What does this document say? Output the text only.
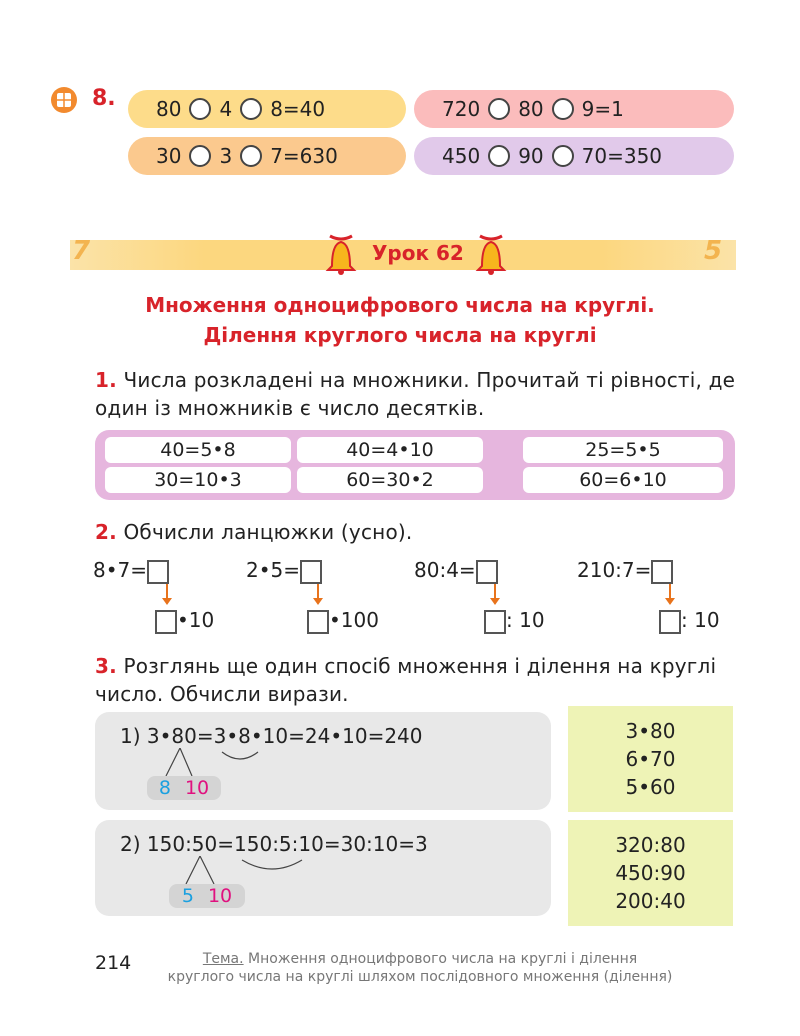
8. 80 4 8=40	720 80 9=1
30 3 7=630	450 90 70=350
7	Урок 62	5
Множення одноцифрового числа на круглі.
Ділення круглого числа на круглі
1. Числа розкладені на множники. Прочитай ті рівності, де
один із множників є число десятків.
40=5•8	40=4•10	25=5•5
30=10•3	60=30•2	60=6•10
2. Обчисли ланцюжки (усно).
8•7=
•10
2•5=
•100
80:4=
: 10
210:7=
: 10
3. Розглянь ще один спосіб множення і ділення на круглі
число. Обчисли вирази.
1) 3•80=3•8•10=24•10=240
8 10
2) 150:50=150:5:10=30:10=3
5 10
3•80
6•70
5•60
320:80
450:90
200:40
214	Тема. Множення одноцифрового числа на круглі і ділення
круглого числа на круглі шляхом послідовного множення (ділення)
